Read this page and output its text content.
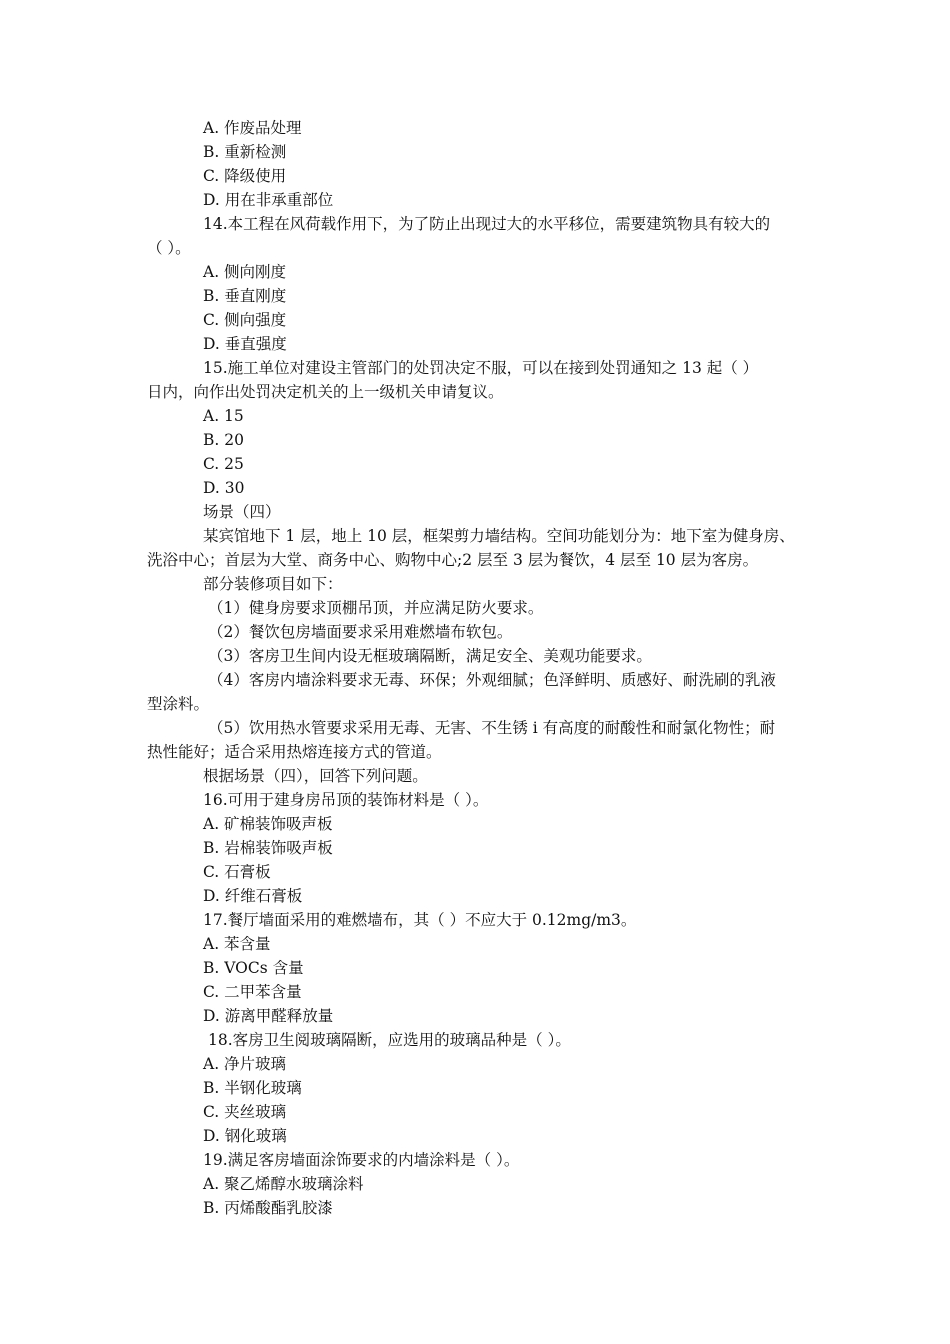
A. 作废品处理
B. 重新检测
C. 降级使用
D. 用在非承重部位
14.本工程在风荷载作用下，为了防止出现过大的水平移位，需要建筑物具有较大的
（ ）。
A. 侧向刚度
B. 垂直刚度
C. 侧向强度
D. 垂直强度
15.施工单位对建设主管部门的处罚决定不服，可以在接到处罚通知之 13 起（ ）
日内，向作出处罚决定机关的上一级机关申请复议。
A. 15
B. 20
C. 25
D. 30
场景（四）
某宾馆地下 1 层，地上 10 层，框架剪力墙结构。空间功能划分为：地下室为健身房、
洗浴中心；首层为大堂、商务中心、购物中心;2 层至 3 层为餐饮，4 层至 10 层为客房。
部分装修项目如下：
（1）健身房要求顶棚吊顶，并应满足防火要求。
（2）餐饮包房墙面要求采用难燃墙布软包。
（3）客房卫生间内设无框玻璃隔断，满足安全、美观功能要求。
（4）客房内墙涂料要求无毒、环保；外观细腻；色泽鲜明、质感好、耐洗刷的乳液
型涂料。
（5）饮用热水管要求采用无毒、无害、不生锈 i 有高度的耐酸性和耐氯化物性；耐
热性能好；适合采用热熔连接方式的管道。
根据场景（四），回答下列问题。
16.可用于建身房吊顶的装饰材料是（ ）。
A. 矿棉装饰吸声板
B. 岩棉装饰吸声板
C. 石膏板
D. 纤维石膏板
17.餐厅墙面采用的难燃墙布，其（ ）不应大于 0.12mg/m3。
A. 苯含量
B. VOCs 含量
C. 二甲苯含量
D. 游离甲醛释放量
18.客房卫生阅玻璃隔断，应选用的玻璃品种是（ ）。
A. 净片玻璃
B. 半钢化玻璃
C. 夹丝玻璃
D. 钢化玻璃
19.满足客房墙面涂饰要求的内墙涂料是（ ）。
A. 聚乙烯醇水玻璃涂料
B. 丙烯酸酯乳胶漆
